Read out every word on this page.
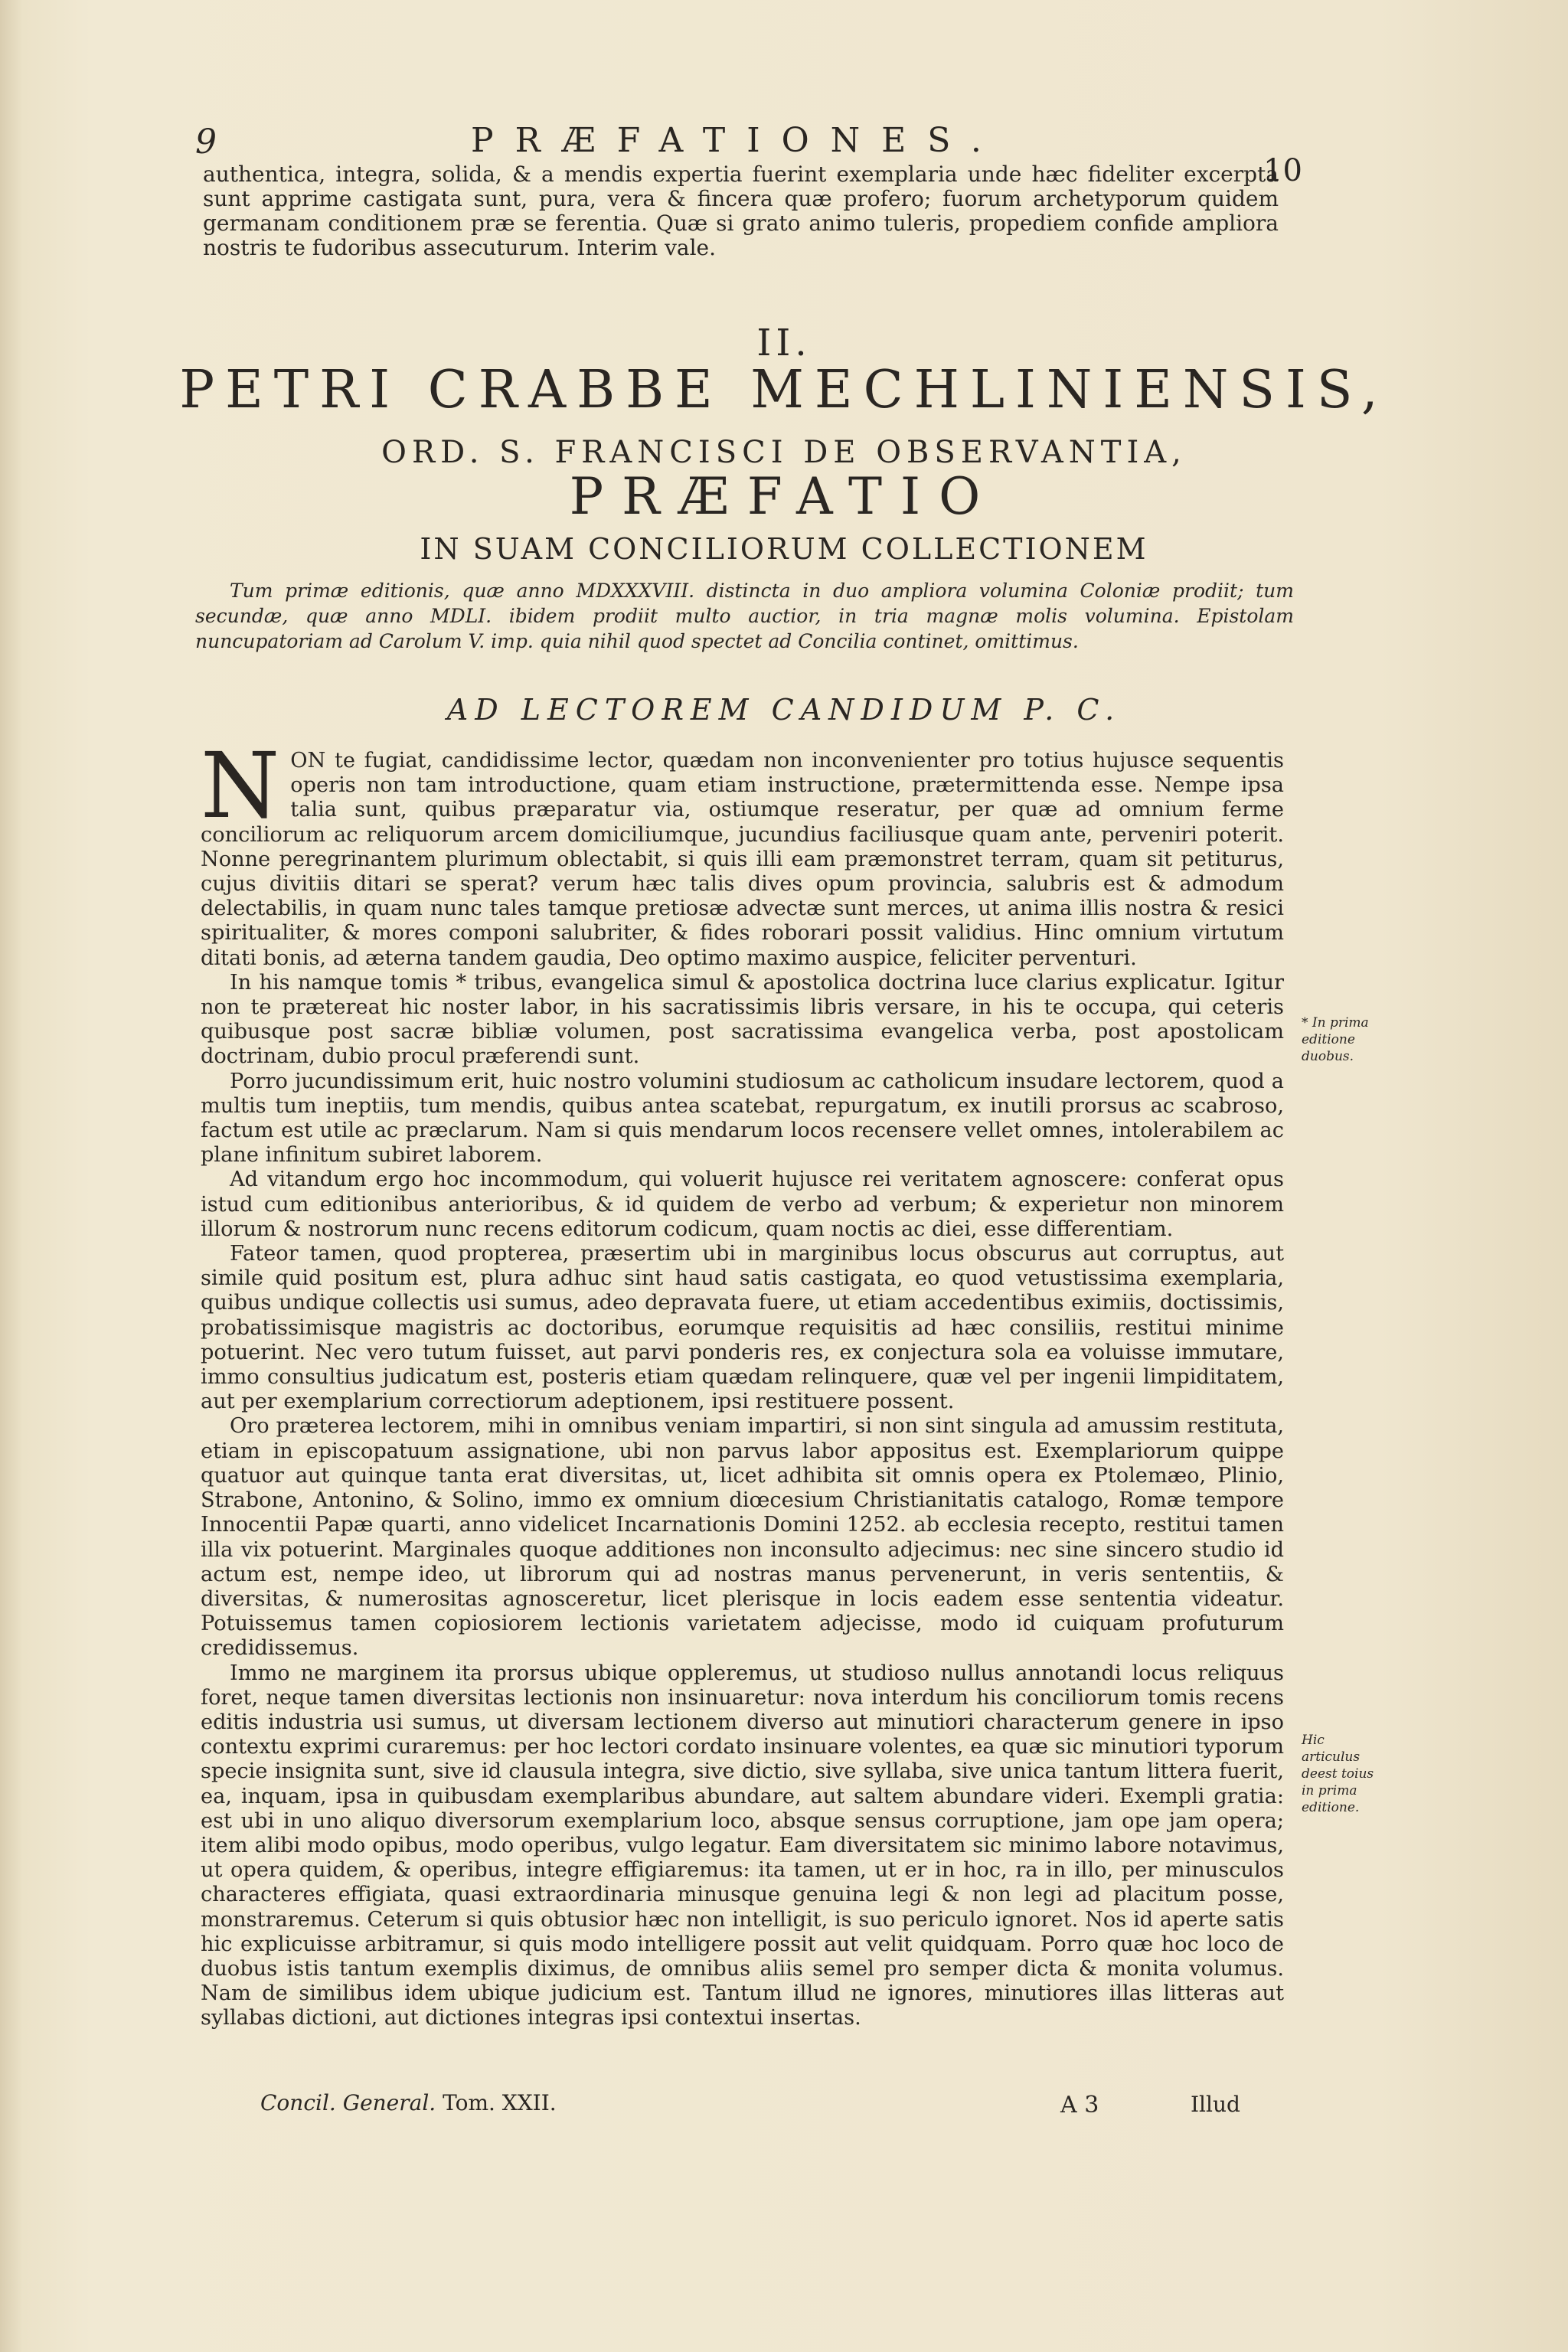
9	PRÆFATIONES.
10
authentica, integra, solida, & a mendis expertia fuerint exemplaria unde hæc fideliter excerpta sunt apprime castigata sunt, pura, vera & fincera quæ profero; fuorum archetyporum quidem germanam conditionem præ se ferentia. Quæ si grato animo tuleris, propediem confide ampliora nostris te fudoribus assecuturum. Interim vale.
II.
PETRI CRABBE MECHLINIENSIS,
ORD. S. FRANCISCI DE OBSERVANTIA,
PRÆFATIO
IN SUAM CONCILIORUM COLLECTIONEM
Tum primæ editionis, quæ anno MDXXXVIII. distincta in duo ampliora volumina Coloniæ prodiit; tum secundæ, quæ anno MDLI. ibidem prodiit multo auctior, in tria magnæ molis volumina. Epistolam nuncupatoriam ad Carolum V. imp. quia nihil quod spectet ad Concilia continet, omittimus.
AD LECTOREM CANDIDUM P. C.

NON te fugiat, candidissime lector, quædam non inconvenienter pro totius hujusce sequentis operis non tam introductione, quam etiam instructione, prætermittenda esse. Nempe ipsa talia sunt, quibus præparatur via, ostiumque reseratur, per quæ ad omnium ferme conciliorum ac reliquorum arcem domiciliumque, jucundius faciliusque quam ante, perveniri poterit. Nonne peregrinantem plurimum oblectabit, si quis illi eam præmonstret terram, quam sit petiturus, cujus divitiis ditari se sperat? verum hæc talis dives opum provincia, salubris est & admodum delectabilis, in quam nunc tales tamque pretiosæ advectæ sunt merces, ut anima illis nostra & resici spiritualiter, & mores componi salubriter, & fides roborari possit validius. Hinc omnium virtutum ditati bonis, ad æterna tandem gaudia, Deo optimo maximo auspice, feliciter perventuri.

In his namque tomis * tribus, evangelica simul & apostolica doctrina luce clarius explicatur. Igitur non te prætereat hic noster labor, in his sacratissimis libris versare, in his te occupa, qui ceteris quibusque post sacræ bibliæ volumen, post sacratissima evangelica verba, post apostolicam doctrinam, dubio procul præferendi sunt.

Porro jucundissimum erit, huic nostro volumini studiosum ac catholicum insudare lectorem, quod a multis tum ineptiis, tum mendis, quibus antea scatebat, repurgatum, ex inutili prorsus ac scabroso, factum est utile ac præclarum. Nam si quis mendarum locos recensere vellet omnes, intolerabilem ac plane infinitum subiret laborem.

Ad vitandum ergo hoc incommodum, qui voluerit hujusce rei veritatem agnoscere: conferat opus istud cum editionibus anterioribus, & id quidem de verbo ad verbum; & experietur non minorem illorum & nostrorum nunc recens editorum codicum, quam noctis ac diei, esse differentiam.

Fateor tamen, quod propterea, præsertim ubi in marginibus locus obscurus aut corruptus, aut simile quid positum est, plura adhuc sint haud satis castigata, eo quod vetustissima exemplaria, quibus undique collectis usi sumus, adeo depravata fuere, ut etiam accedentibus eximiis, doctissimis, probatissimisque magistris ac doctoribus, eorumque requisitis ad hæc consiliis, restitui minime potuerint. Nec vero tutum fuisset, aut parvi ponderis res, ex conjectura sola ea voluisse immutare, immo consultius judicatum est, posteris etiam quædam relinquere, quæ vel per ingenii limpiditatem, aut per exemplarium correctiorum adeptionem, ipsi restituere possent.

Oro præterea lectorem, mihi in omnibus veniam impartiri, si non sint singula ad amussim restituta, etiam in episcopatuum assignatione, ubi non parvus labor appositus est. Exemplariorum quippe quatuor aut quinque tanta erat diversitas, ut, licet adhibita sit omnis opera ex Ptolemæo, Plinio, Strabone, Antonino, & Solino, immo ex omnium diœcesium Christianitatis catalogo, Romæ tempore Innocentii Papæ quarti, anno videlicet Incarnationis Domini 1252. ab ecclesia recepto, restitui tamen illa vix potuerint. Marginales quoque additiones non inconsulto adjecimus: nec sine sincero studio id actum est, nempe ideo, ut librorum qui ad nostras manus pervenerunt, in veris sententiis, & diversitas, & numerositas agnosceretur, licet plerisque in locis eadem esse sententia videatur. Potuissemus tamen copiosiorem lectionis varietatem adjecisse, modo id cuiquam profuturum credidissemus.

Immo ne marginem ita prorsus ubique oppleremus, ut studioso nullus annotandi locus reliquus foret, neque tamen diversitas lectionis non insinuaretur: nova interdum his conciliorum tomis recens editis industria usi sumus, ut diversam lectionem diverso aut minutiori characterum genere in ipso contextu exprimi curaremus: per hoc lectori cordato insinuare volentes, ea quæ sic minutiori typorum specie insignita sunt, sive id clausula integra, sive dictio, sive syllaba, sive unica tantum littera fuerit, ea, inquam, ipsa in quibusdam exemplaribus abundare, aut saltem abundare videri. Exempli gratia: est ubi in uno aliquo diversorum exemplarium loco, absque sensus corruptione, jam ope jam opera; item alibi modo opibus, modo operibus, vulgo legatur. Eam diversitatem sic minimo labore notavimus, ut opera quidem, & operibus, integre effigiaremus: ita tamen, ut er in hoc, ra in illo, per minusculos characteres effigiata, quasi extraordinaria minusque genuina legi & non legi ad placitum posse, monstraremus. Ceterum si quis obtusior hæc non intelligit, is suo periculo ignoret. Nos id aperte satis hic explicuisse arbitramur, si quis modo intelligere possit aut velit quidquam. Porro quæ hoc loco de duobus istis tantum exemplis diximus, de omnibus aliis semel pro semper dicta & monita volumus. Nam de similibus idem ubique judicium est. Tantum illud ne ignores, minutiores illas litteras aut syllabas dictioni, aut dictiones integras ipsi contextui insertas.

* In prima editione duobus.
Hic articulus deest toius in prima editione.
Concil. General. Tom. XXII.	A 3	Illud
